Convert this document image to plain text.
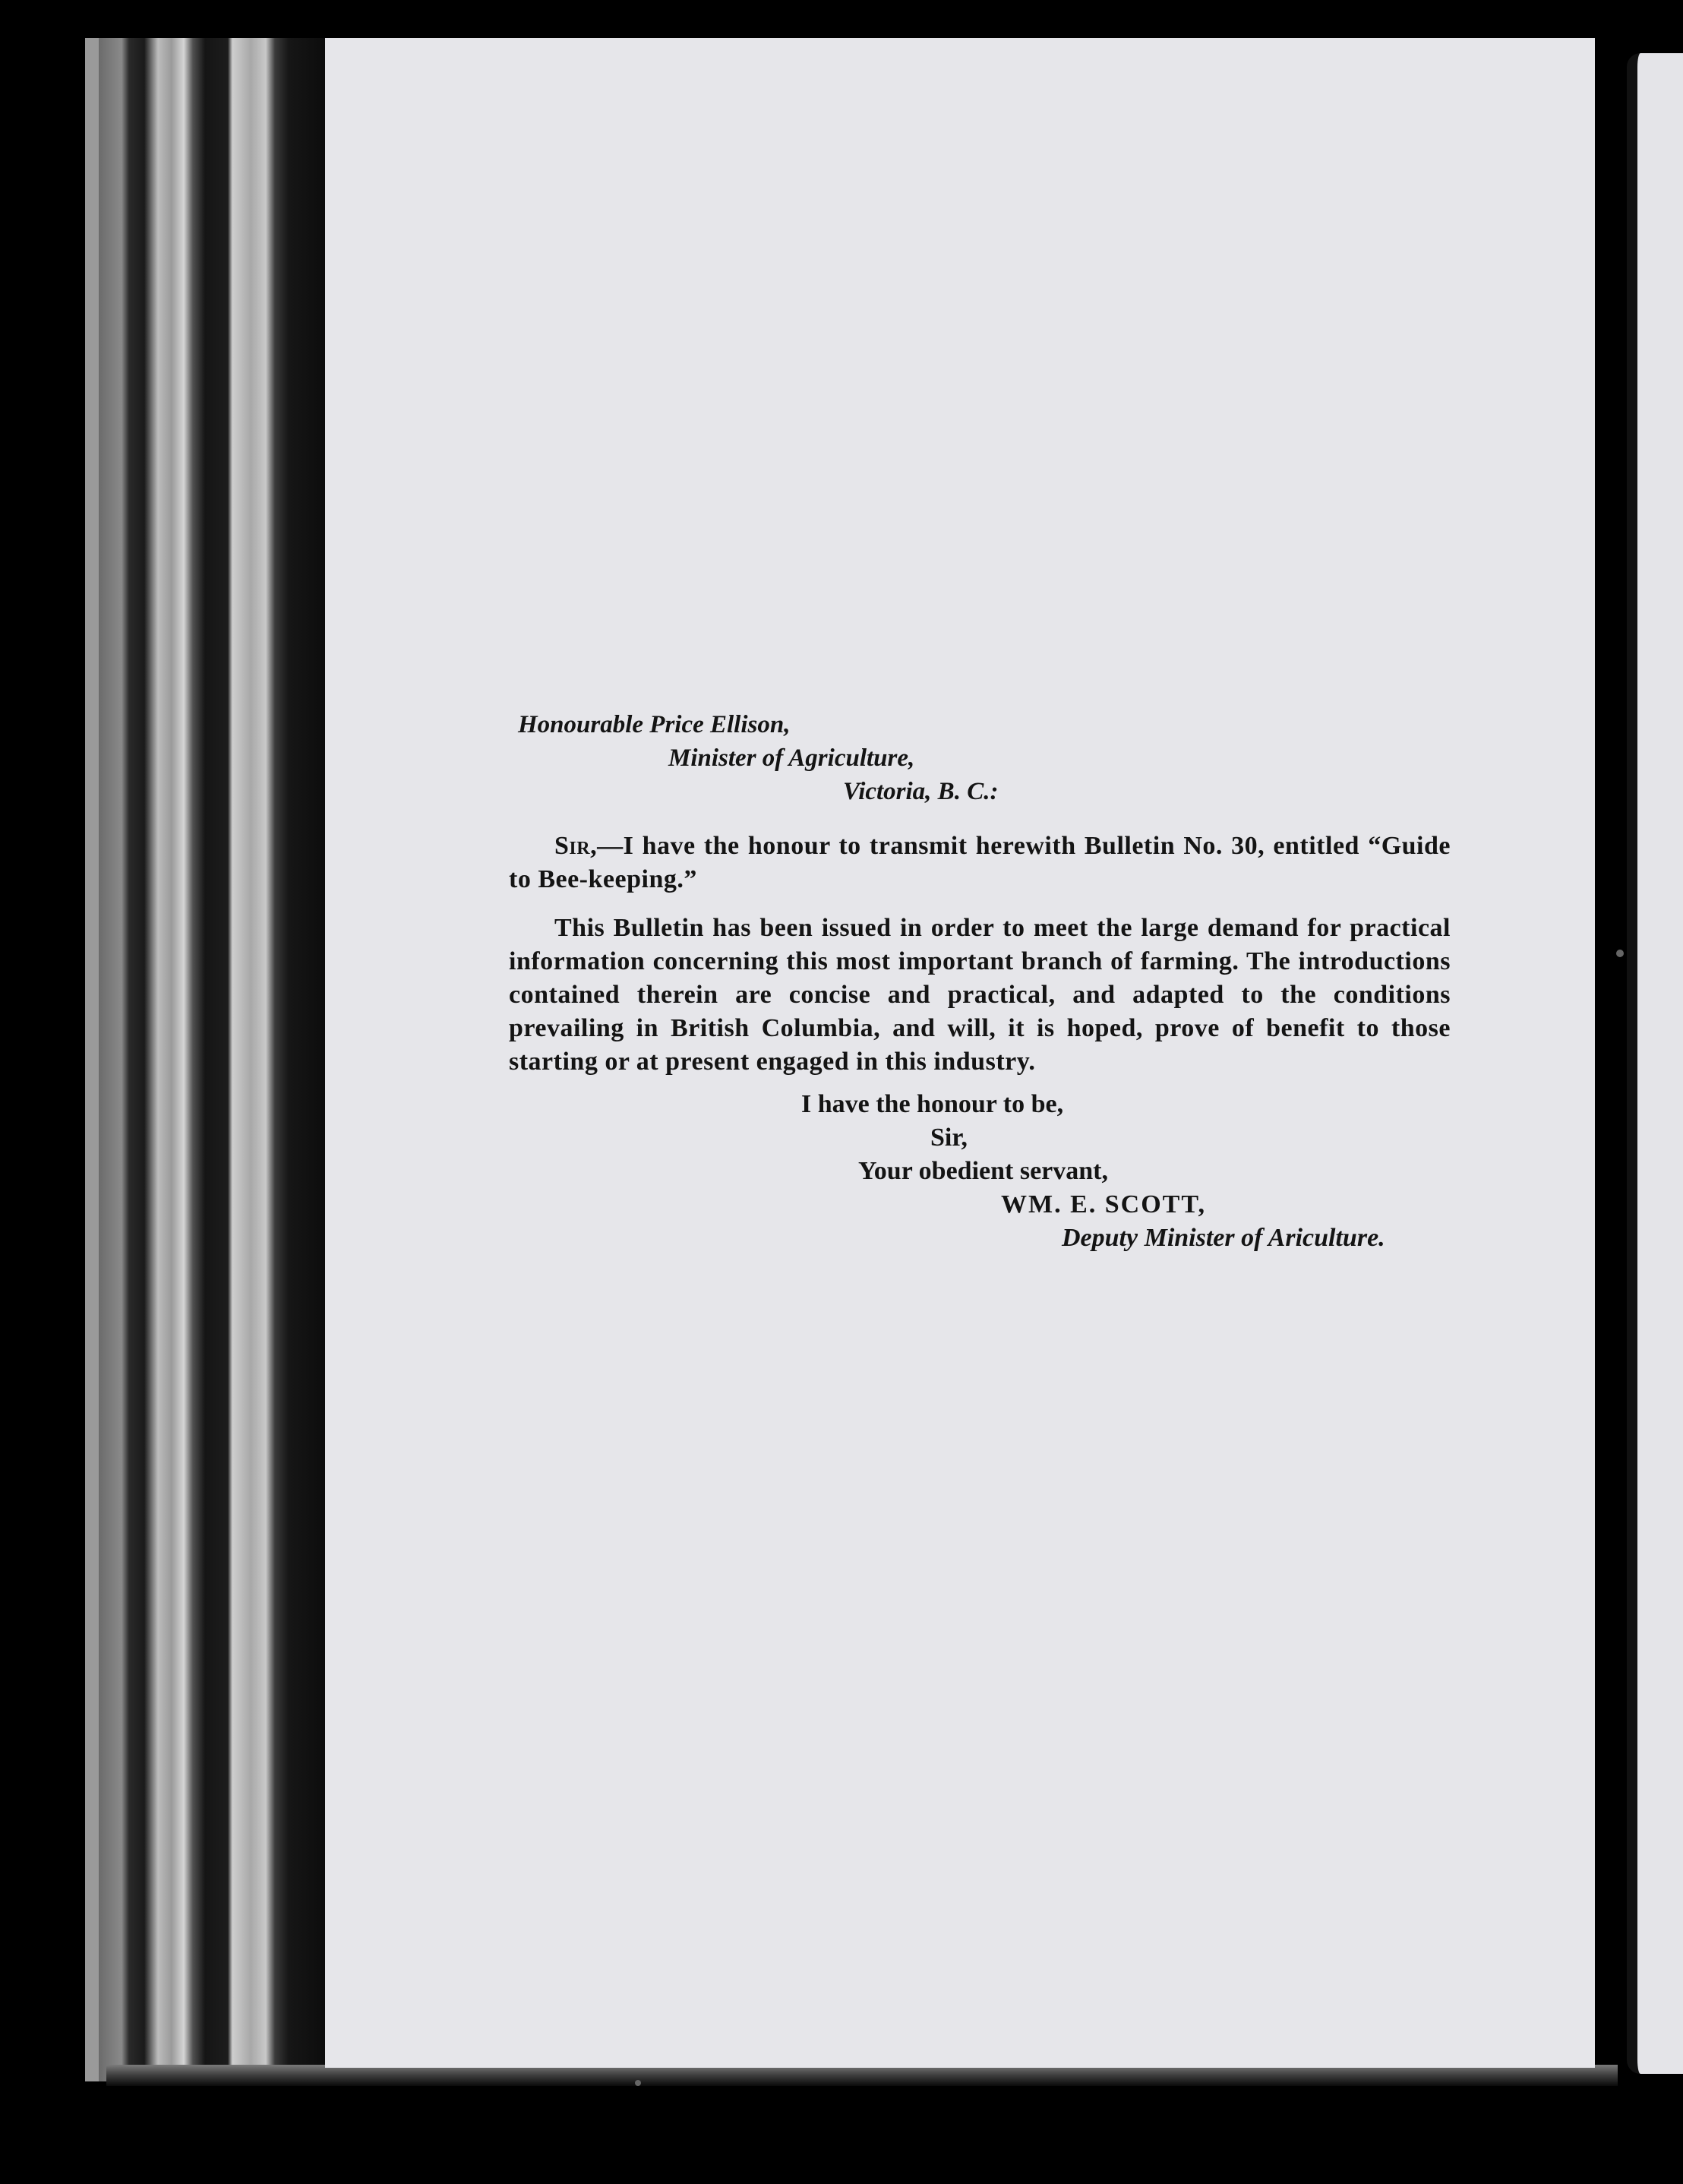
Honourable Price Ellison,
Minister of Agriculture,
Victoria, B. C.:

Sir,—I have the honour to transmit herewith Bulletin No. 30, entitled “Guide to Bee-keeping.”

This Bulletin has been issued in order to meet the large demand for practical information concerning this most important branch of farming. The introductions contained therein are concise and practical, and adapted to the conditions prevailing in British Columbia, and will, it is hoped, prove of benefit to those starting or at present engaged in this industry.

I have the honour to be,
Sir,
Your obedient servant,
WM. E. SCOTT,
Deputy Minister of Ariculture.
